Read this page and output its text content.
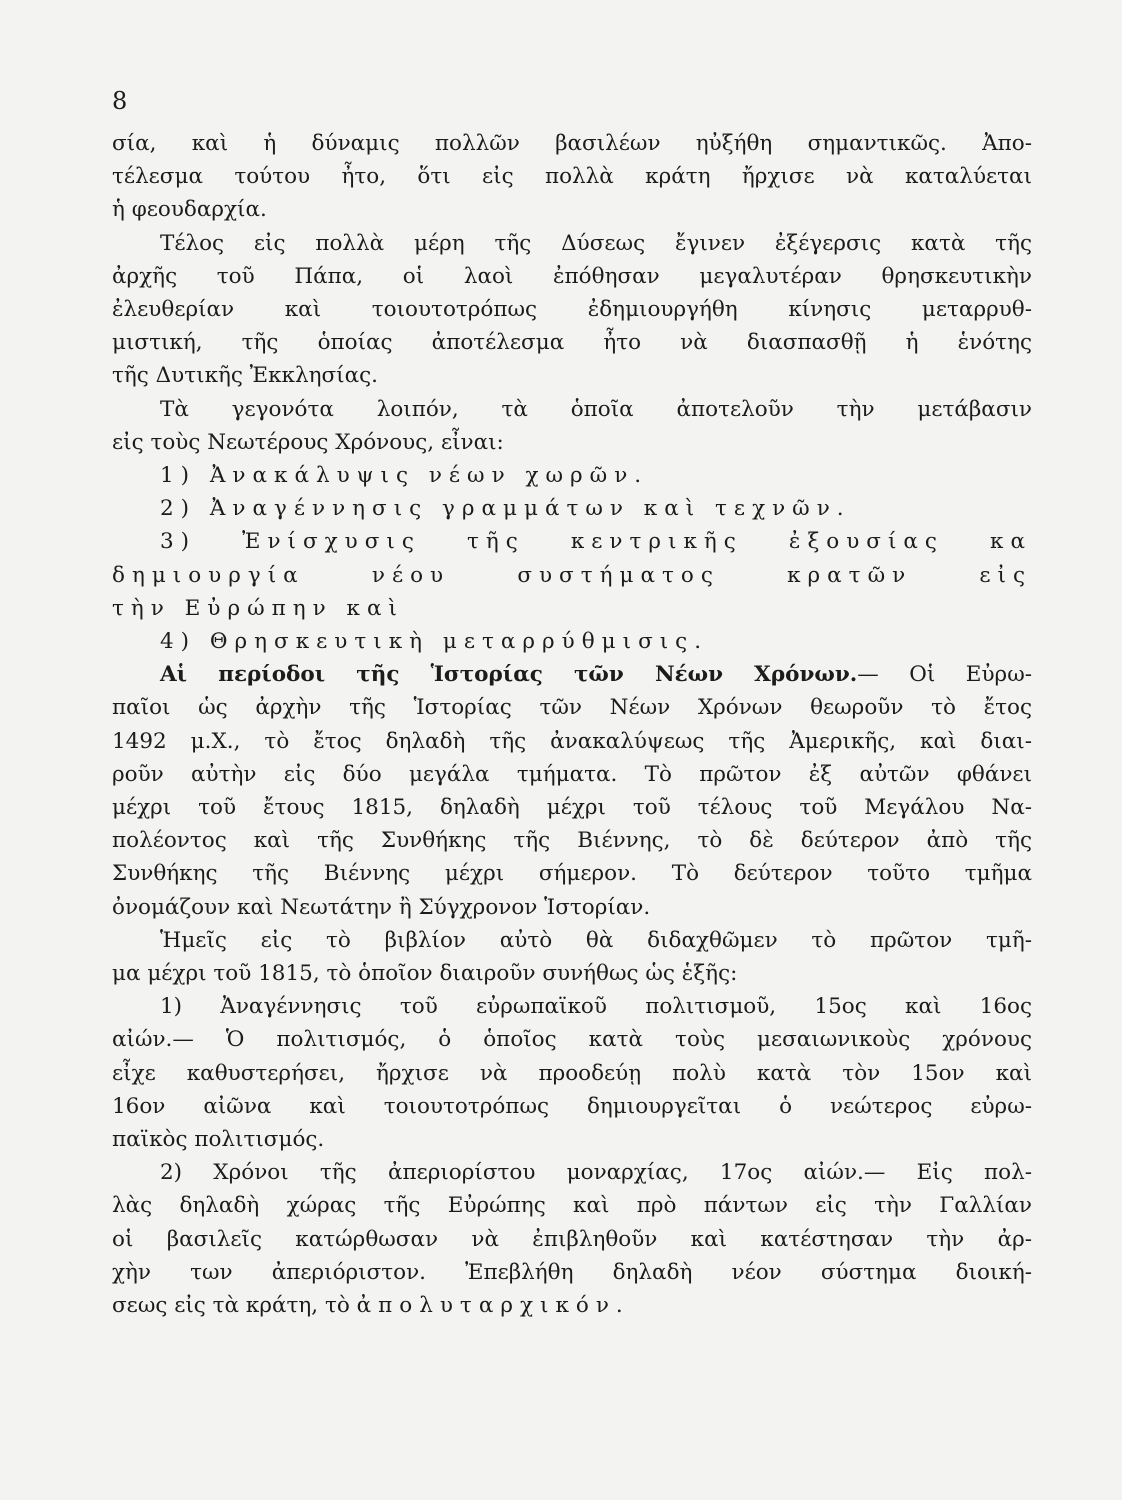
8
σία, καὶ ἡ δύναμις πολλῶν βασιλέων ηὐξήθη σημαντικῶς. Ἀπο-
τέλεσμα τούτου ἦτο, ὅτι εἰς πολλὰ κράτη ἤρχισε νὰ καταλύεται
ἡ φεουδαρχία.
Τέλος εἰς πολλὰ μέρη τῆς Δύσεως ἔγινεν ἐξέγερσις κατὰ τῆς
ἀρχῆς τοῦ Πάπα, οἱ λαοὶ ἐπόθησαν μεγαλυτέραν θρησκευτικὴν
ἐλευθερίαν καὶ τοιουτοτρόπως ἐδημιουργήθη κίνησις μεταρρυθ-
μιστική, τῆς ὁποίας ἀποτέλεσμα ἦτο νὰ διασπασθῇ ἡ ἑνότης
τῆς Δυτικῆς Ἐκκλησίας.
Τὰ γεγονότα λοιπόν, τὰ ὁποῖα ἀποτελοῦν τὴν μετάβασιν
εἰς τοὺς Νεωτέρους Χρόνους, εἶναι:
1) Ἀνακάλυψις νέων χωρῶν.
2) Ἀναγέννησις γραμμάτων καὶ τεχνῶν.
3) Ἐνίσχυσις τῆς κεντρικῆς ἐξουσίας κα
δημιουργία νέου συστήματος κρατῶν εἰς
τὴν Εὐρώπην καὶ
4) Θρησκευτικὴ μεταρρύθμισις.
Αἱ περίοδοι τῆς Ἱστορίας τῶν Νέων Χρόνων.— Οἱ Εὐρω-
παῖοι ὡς ἀρχὴν τῆς Ἱστορίας τῶν Νέων Χρόνων θεωροῦν τὸ ἔτος
1492 μ.Χ., τὸ ἔτος δηλαδὴ τῆς ἀνακαλύψεως τῆς Ἀμερικῆς, καὶ διαι-
ροῦν αὐτὴν εἰς δύο μεγάλα τμήματα. Τὸ πρῶτον ἐξ αὐτῶν φθάνει
μέχρι τοῦ ἔτους 1815, δηλαδὴ μέχρι τοῦ τέλους τοῦ Μεγάλου Να-
πολέοντος καὶ τῆς Συνθήκης τῆς Βιέννης, τὸ δὲ δεύτερον ἀπὸ τῆς
Συνθήκης τῆς Βιέννης μέχρι σήμερον. Τὸ δεύτερον τοῦτο τμῆμα
ὀνομάζουν καὶ Νεωτάτην ἢ Σύγχρονον Ἱστορίαν.
Ἡμεῖς εἰς τὸ βιβλίον αὐτὸ θὰ διδαχθῶμεν τὸ πρῶτον τμῆ-
μα μέχρι τοῦ 1815, τὸ ὁποῖον διαιροῦν συνήθως ὡς ἑξῆς:
1) Ἀναγέννησις τοῦ εὐρωπαϊκοῦ πολιτισμοῦ, 15ος καὶ 16ος
αἰών.— Ὁ πολιτισμός, ὁ ὁποῖος κατὰ τοὺς μεσαιωνικοὺς χρόνους
εἶχε καθυστερήσει, ἤρχισε νὰ προοδεύῃ πολὺ κατὰ τὸν 15ον καὶ
16ον αἰῶνα καὶ τοιουτοτρόπως δημιουργεῖται ὁ νεώτερος εὐρω-
παϊκὸς πολιτισμός.
2) Χρόνοι τῆς ἀπεριορίστου μοναρχίας, 17ος αἰών.— Εἰς πολ-
λὰς δηλαδὴ χώρας τῆς Εὐρώπης καὶ πρὸ πάντων εἰς τὴν Γαλλίαν
οἱ βασιλεῖς κατώρθωσαν νὰ ἐπιβληθοῦν καὶ κατέστησαν τὴν ἀρ-
χὴν των ἀπεριόριστον. Ἐπεβλήθη δηλαδὴ νέον σύστημα διοική-
σεως εἰς τὰ κράτη, τὸ ἀπολυταρχικόν.
